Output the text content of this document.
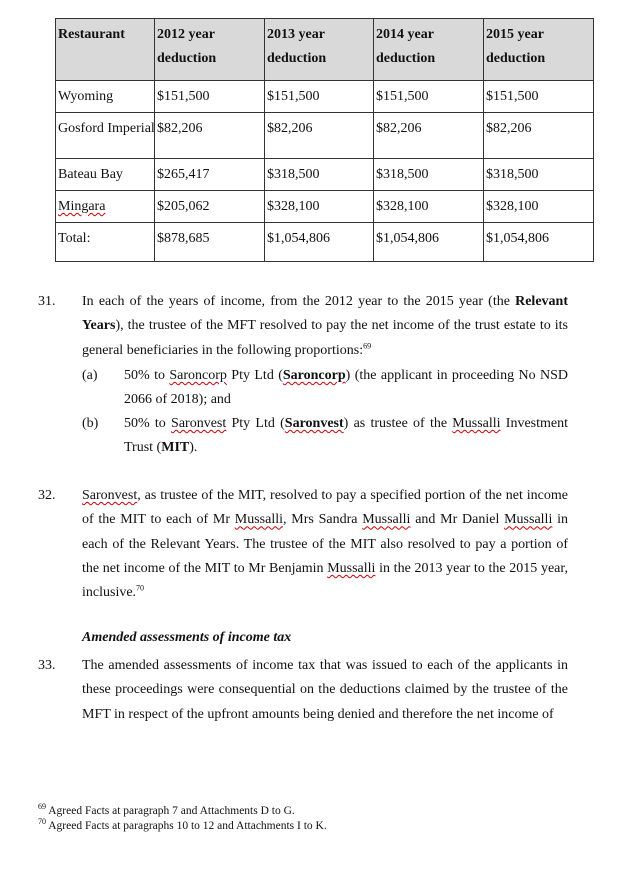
Restaurant	2012 year deduction	2013 year deduction	2014 year deduction	2015 year deduction
Wyoming	$151,500	$151,500	$151,500	$151,500
Gosford Imperial	$82,206	$82,206	$82,206	$82,206
Bateau Bay	$265,417	$318,500	$318,500	$318,500
Mingara	$205,062	$328,100	$328,100	$328,100
Total:	$878,685	$1,054,806	$1,054,806	$1,054,806
31. In each of the years of income, from the 2012 year to the 2015 year (the Relevant Years), the trustee of the MFT resolved to pay the net income of the trust estate to its general beneficiaries in the following proportions:$^{69}$
(a) 50% to Saroncorp Pty Ltd (Saroncorp) (the applicant in proceeding No NSD 2066 of 2018); and
(b) 50% to Saronvest Pty Ltd (Saronvest) as trustee of the Mussalli Investment Trust (MIT).
32. Saronvest, as trustee of the MIT, resolved to pay a specified portion of the net income of the MIT to each of Mr Mussalli, Mrs Sandra Mussalli and Mr Daniel Mussalli in each of the Relevant Years. The trustee of the MIT also resolved to pay a portion of the net income of the MIT to Mr Benjamin Mussalli in the 2013 year to the 2015 year, inclusive.$^{70}$
Amended assessments of income tax
33. The amended assessments of income tax that was issued to each of the applicants in these proceedings were consequential on the deductions claimed by the trustee of the MFT in respect of the upfront amounts being denied and therefore the net income of
$^{69}$ Agreed Facts at paragraph 7 and Attachments D to G.
$^{70}$ Agreed Facts at paragraphs 10 to 12 and Attachments I to K.
